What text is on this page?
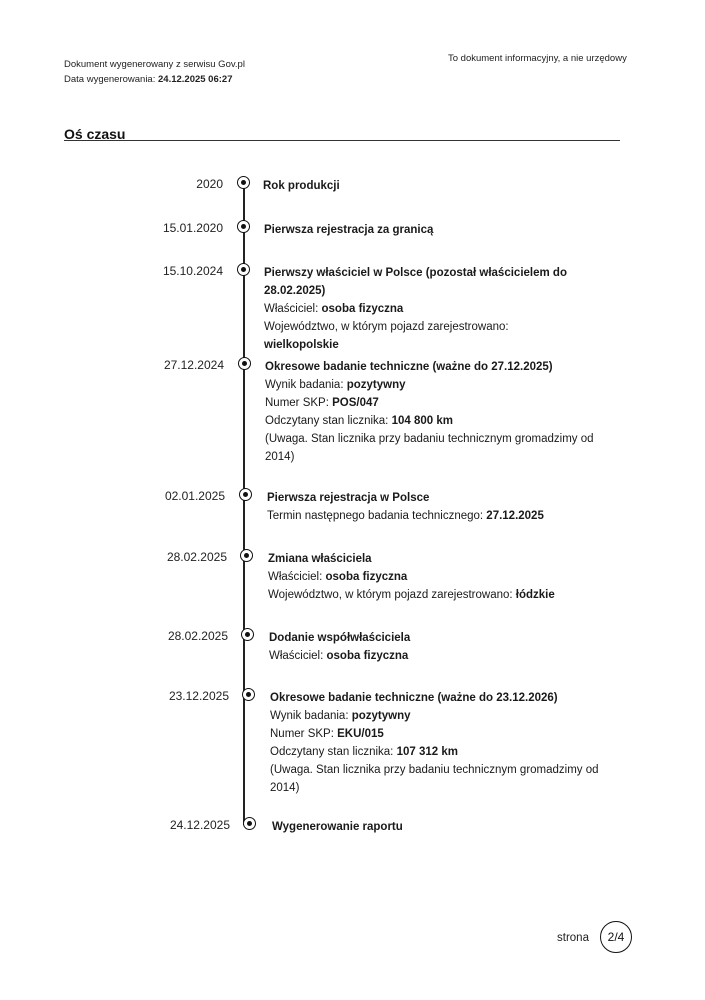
Dokument wygenerowany z serwisu Gov.pl
Data wygenerowania: 24.12.2025 06:27
To dokument informacyjny, a nie urzędowy
Oś czasu
2020	Rok produkcji
15.01.2020	Pierwsza rejestracja za granicą
15.10.2024	Pierwszy właściciel w Polsce (pozostał właścicielem do 28.02.2025)
Właściciel: osoba fizyczna
Województwo, w którym pojazd zarejestrowano: wielkopolskie
27.12.2024	Okresowe badanie techniczne (ważne do 27.12.2025)
Wynik badania: pozytywny
Numer SKP: POS/047
Odczytany stan licznika: 104 800 km
(Uwaga. Stan licznika przy badaniu technicznym gromadzimy od 2014)
02.01.2025	Pierwsza rejestracja w Polsce
Termin następnego badania technicznego: 27.12.2025
28.02.2025	Zmiana właściciela
Właściciel: osoba fizyczna
Województwo, w którym pojazd zarejestrowano: łódzkie
28.02.2025	Dodanie współwłaściciela
Właściciel: osoba fizyczna
23.12.2025	Okresowe badanie techniczne (ważne do 23.12.2026)
Wynik badania: pozytywny
Numer SKP: EKU/015
Odczytany stan licznika: 107 312 km
(Uwaga. Stan licznika przy badaniu technicznym gromadzimy od 2014)
24.12.2025	Wygenerowanie raportu
strona	2/4
